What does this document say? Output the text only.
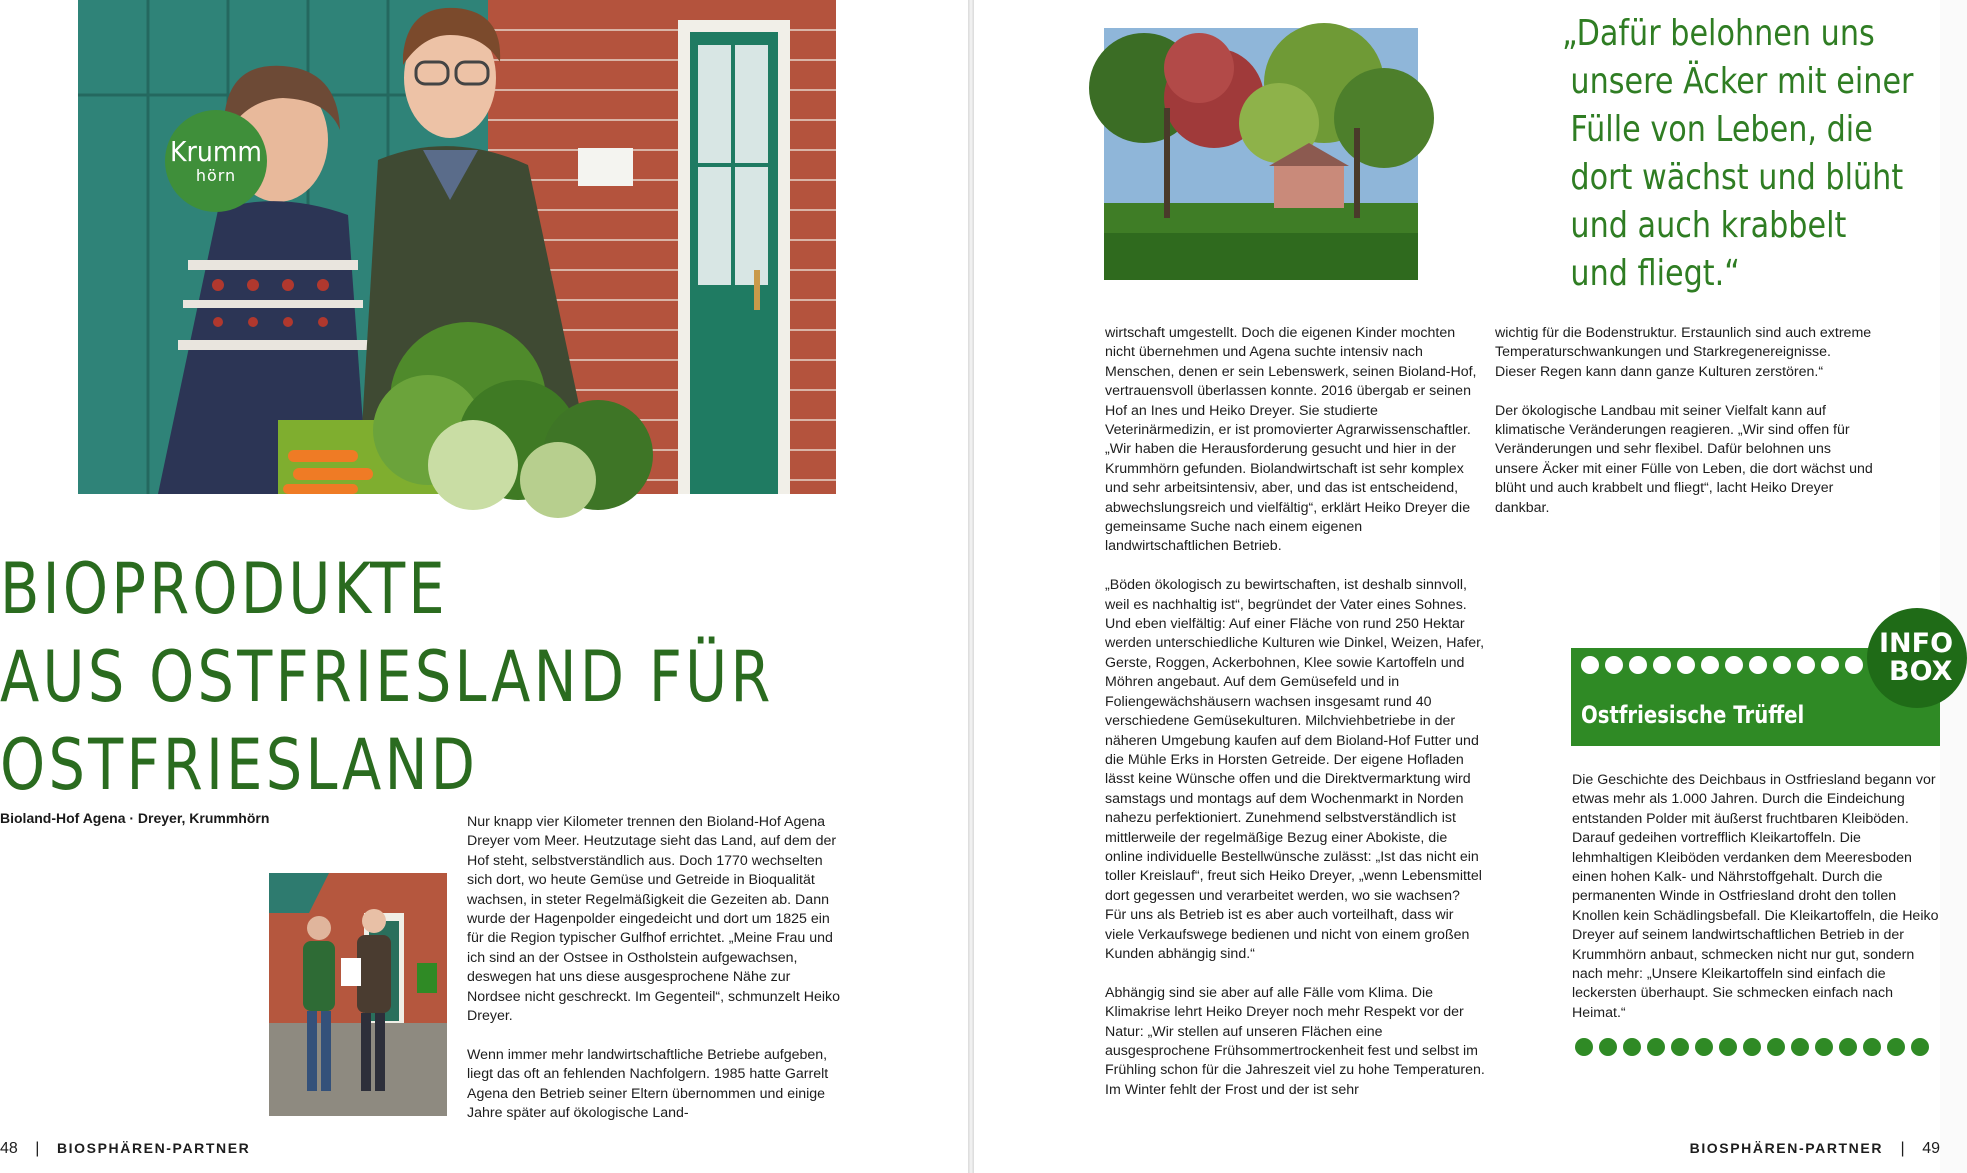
Krumm
hörn
BIOPRODUKTE
AUS OSTFRIESLAND FÜR
OSTFRIESLAND
Bioland-Hof Agena · Dreyer, Krummhörn	Nur knapp vier Kilometer trennen den Bioland-Hof Agena Dreyer vom Meer. Heutzutage sieht das Land, auf dem der Hof steht, selbstverständlich aus. Doch 1770 wechselten sich dort, wo heute Gemüse und Getreide in Bioqualität wachsen, in steter Regelmäßigkeit die Gezeiten ab. Dann wurde der Hagenpolder eingedeicht und dort um 1825 ein für die Region typischer Gulfhof errichtet. „Meine Frau und ich sind an der Ostsee in Ostholstein aufgewachsen, deswegen hat uns diese ausgesprochene Nähe zur Nordsee nicht geschreckt. Im Gegenteil“, schmunzelt Heiko Dreyer.

Wenn immer mehr landwirtschaftliche Betriebe aufgeben, liegt das oft an fehlenden Nachfolgern. 1985 hatte Garrelt Agena den Betrieb seiner Eltern übernommen und einige Jahre später auf ökologische Land-

48 | BIOSPHÄREN-PARTNER
„Dafür belohnen uns
unsere Äcker mit einer
Fülle von Leben, die
dort wächst und blüht
und auch krabbelt
und fliegt.“

wirtschaft umgestellt. Doch die eigenen Kinder mochten nicht übernehmen und Agena suchte intensiv nach Menschen, denen er sein Lebenswerk, seinen Bioland-Hof, vertrauensvoll überlassen konnte. 2016 übergab er seinen Hof an Ines und Heiko Dreyer. Sie studierte Veterinärmedizin, er ist promovierter Agrarwissenschaftler. „Wir haben die Herausforderung gesucht und hier in der Krummhörn gefunden. Biolandwirtschaft ist sehr komplex und sehr arbeitsintensiv, aber, und das ist entscheidend, abwechslungsreich und vielfältig“, erklärt Heiko Dreyer die gemeinsame Suche nach einem eigenen landwirtschaftlichen Betrieb.

„Böden ökologisch zu bewirtschaften, ist deshalb sinnvoll, weil es nachhaltig ist“, begründet der Vater eines Sohnes. Und eben vielfältig: Auf einer Fläche von rund 250 Hektar werden unterschiedliche Kulturen wie Dinkel, Weizen, Hafer, Gerste, Roggen, Ackerbohnen, Klee sowie Kartoffeln und Möhren angebaut. Auf dem Gemüsefeld und in Foliengewächshäusern wachsen insgesamt rund 40 verschiedene Gemüsekulturen. Milchviehbetriebe in der näheren Umgebung kaufen auf dem Bioland-Hof Futter und die Mühle Erks in Horsten Getreide. Der eigene Hofladen lässt keine Wünsche offen und die Direktvermarktung wird samstags und montags auf dem Wochenmarkt in Norden nahezu perfektioniert. Zunehmend selbstverständlich ist mittlerweile der regelmäßige Bezug einer Abokiste, die online individuelle Bestellwünsche zulässt: „Ist das nicht ein toller Kreislauf“, freut sich Heiko Dreyer, „wenn Lebensmittel dort gegessen und verarbeitet werden, wo sie wachsen? Für uns als Betrieb ist es aber auch vorteilhaft, dass wir viele Verkaufswege bedienen und nicht von einem großen Kunden abhängig sind.“

Abhängig sind sie aber auf alle Fälle vom Klima. Die Klimakrise lehrt Heiko Dreyer noch mehr Respekt vor der Natur: „Wir stellen auf unseren Flächen eine ausgesprochene Frühsommertrockenheit fest und selbst im Frühling schon für die Jahreszeit viel zu hohe Temperaturen. Im Winter fehlt der Frost und der ist sehr

wichtig für die Bodenstruktur. Erstaunlich sind auch extreme Temperaturschwankungen und Starkregenereignisse. Dieser Regen kann dann ganze Kulturen zerstören.“

Der ökologische Landbau mit seiner Vielfalt kann auf klimatische Veränderungen reagieren. „Wir sind offen für Veränderungen und sehr flexibel. Dafür belohnen uns unsere Äcker mit einer Fülle von Leben, die dort wächst und blüht und auch krabbelt und fliegt“, lacht Heiko Dreyer dankbar.

Ostfriesische Trüffel
INFO
BOX

Die Geschichte des Deichbaus in Ostfriesland begann vor etwas mehr als 1.000 Jahren. Durch die Eindeichung entstanden Polder mit äußerst fruchtbaren Kleiböden. Darauf gedeihen vortrefflich Kleikartoffeln. Die lehmhaltigen Kleiböden verdanken dem Meeresboden einen hohen Kalk- und Nährstoffgehalt. Durch die permanenten Winde in Ostfriesland droht den tollen Knollen kein Schädlingsbefall. Die Kleikartoffeln, die Heiko Dreyer auf seinem landwirtschaftlichen Betrieb in der Krummhörn anbaut, schmecken nicht nur gut, sondern nach mehr: „Unsere Kleikartoffeln sind einfach die leckersten überhaupt. Sie schmecken einfach nach Heimat.“

BIOSPHÄREN-PARTNER | 49
